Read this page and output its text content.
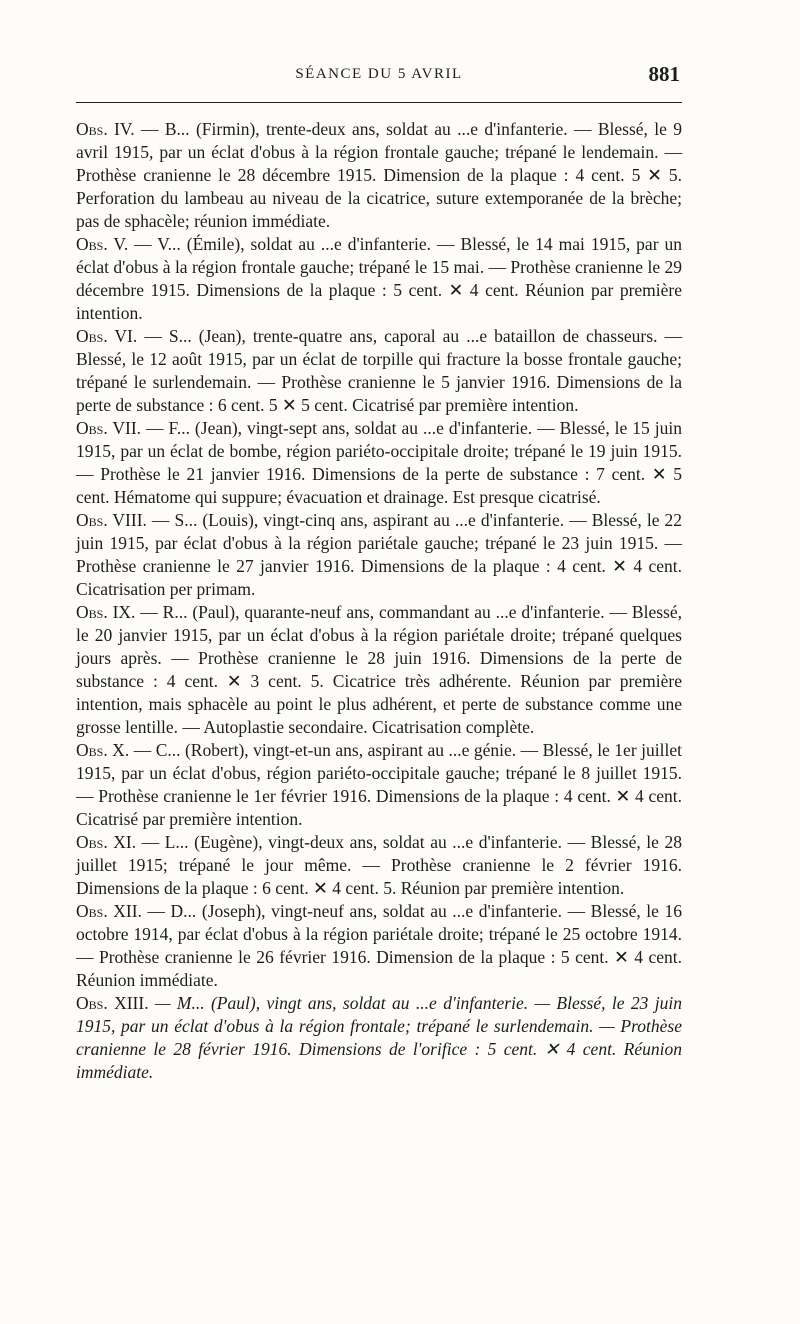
SÉANCE DU 5 AVRIL	881

Obs. IV. — B... (Firmin), trente-deux ans, soldat au ...e d'infanterie. — Blessé, le 9 avril 1915, par un éclat d'obus à la région frontale gauche; trépané le lendemain. — Prothèse cranienne le 28 décembre 1915. Dimension de la plaque : 4 cent. 5 ✕ 5. Perforation du lambeau au niveau de la cicatrice, suture extemporanée de la brèche; pas de sphacèle; réunion immédiate.

Obs. V. — V... (Émile), soldat au ...e d'infanterie. — Blessé, le 14 mai 1915, par un éclat d'obus à la région frontale gauche; trépané le 15 mai. — Prothèse cranienne le 29 décembre 1915. Dimensions de la plaque : 5 cent. ✕ 4 cent. Réunion par première intention.

Obs. VI. — S... (Jean), trente-quatre ans, caporal au ...e bataillon de chasseurs. — Blessé, le 12 août 1915, par un éclat de torpille qui fracture la bosse frontale gauche; trépané le surlendemain. — Prothèse cranienne le 5 janvier 1916. Dimensions de la perte de substance : 6 cent. 5 ✕ 5 cent. Cicatrisé par première intention.

Obs. VII. — F... (Jean), vingt-sept ans, soldat au ...e d'infanterie. — Blessé, le 15 juin 1915, par un éclat de bombe, région pariéto-occipitale droite; trépané le 19 juin 1915. — Prothèse le 21 janvier 1916. Dimensions de la perte de substance : 7 cent. ✕ 5 cent. Hématome qui suppure; évacuation et drainage. Est presque cicatrisé.

Obs. VIII. — S... (Louis), vingt-cinq ans, aspirant au ...e d'infanterie. — Blessé, le 22 juin 1915, par éclat d'obus à la région pariétale gauche; trépané le 23 juin 1915. — Prothèse cranienne le 27 janvier 1916. Dimensions de la plaque : 4 cent. ✕ 4 cent. Cicatrisation per primam.

Obs. IX. — R... (Paul), quarante-neuf ans, commandant au ...e d'infanterie. — Blessé, le 20 janvier 1915, par un éclat d'obus à la région pariétale droite; trépané quelques jours après. — Prothèse cranienne le 28 juin 1916. Dimensions de la perte de substance : 4 cent. ✕ 3 cent. 5. Cicatrice très adhérente. Réunion par première intention, mais sphacèle au point le plus adhérent, et perte de substance comme une grosse lentille. — Autoplastie secondaire. Cicatrisation complète.

Obs. X. — C... (Robert), vingt-et-un ans, aspirant au ...e génie. — Blessé, le 1er juillet 1915, par un éclat d'obus, région pariéto-occipitale gauche; trépané le 8 juillet 1915. — Prothèse cranienne le 1er février 1916. Dimensions de la plaque : 4 cent. ✕ 4 cent. Cicatrisé par première intention.

Obs. XI. — L... (Eugène), vingt-deux ans, soldat au ...e d'infanterie. — Blessé, le 28 juillet 1915; trépané le jour même. — Prothèse cranienne le 2 février 1916. Dimensions de la plaque : 6 cent. ✕ 4 cent. 5. Réunion par première intention.

Obs. XII. — D... (Joseph), vingt-neuf ans, soldat au ...e d'infanterie. — Blessé, le 16 octobre 1914, par éclat d'obus à la région pariétale droite; trépané le 25 octobre 1914. — Prothèse cranienne le 26 février 1916. Dimension de la plaque : 5 cent. ✕ 4 cent. Réunion immédiate.

Obs. XIII. — M... (Paul), vingt ans, soldat au ...e d'infanterie. — Blessé, le 23 juin 1915, par un éclat d'obus à la région frontale; trépané le surlendemain. — Prothèse cranienne le 28 février 1916. Dimensions de l'orifice : 5 cent. ✕ 4 cent. Réunion immédiate.
